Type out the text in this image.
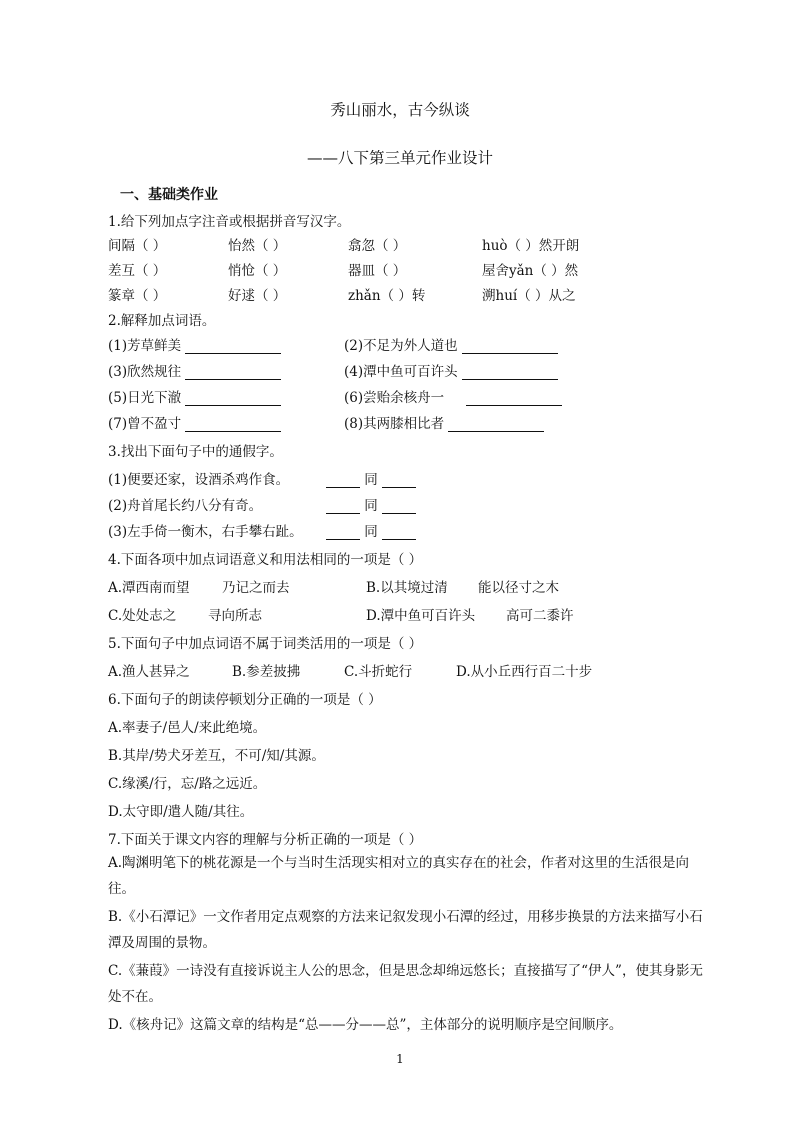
秀山丽水，古今纵谈
——八下第三单元作业设计
一、基础类作业
1.给下列加点字注音或根据拼音写汉字。
间隔（ ）	怡然（ ）	翕忽（ ）	huò（ ）然开朗
差互（ ）	悄怆（ ）	器皿（ ）	屋舍yǎn（ ）然
篆章（ ）	好逑（ ）	zhǎn（ ）转	溯huí（ ）从之
2.解释加点词语。
(1)芳草鲜美	(2)不足为外人道也
(3)欣然规往	(4)潭中鱼可百许头
(5)日光下澈	(6)尝贻余核舟一
(7)曾不盈寸	(8)其两膝相比者
3.找出下面句子中的通假字。
(1)便要还家，设酒杀鸡作食。	同
(2)舟首尾长约八分有奇。	同
(3)左手倚一衡木，右手攀右趾。	同
4.下面各项中加点词语意义和用法相同的一项是（ ）
A.潭西南而望 乃记之而去	B.以其境过清 能以径寸之木
C.处处志之 寻向所志	D.潭中鱼可百许头 高可二黍许
5.下面句子中加点词语不属于词类活用的一项是（ ）
A.渔人甚异之	B.参差披拂	C.斗折蛇行	D.从小丘西行百二十步
6.下面句子的朗读停顿划分正确的一项是（ ）
A.率妻子/邑人/来此绝境。
B.其岸/势犬牙差互，不可/知/其源。
C.缘溪/行，忘/路之远近。
D.太守即/遣人随/其往。
7.下面关于课文内容的理解与分析正确的一项是（ ）
A.陶渊明笔下的桃花源是一个与当时生活现实相对立的真实存在的社会，作者对这里的生活很是向往。
B.《小石潭记》一文作者用定点观察的方法来记叙发现小石潭的经过，用移步换景的方法来描写小石潭及周围的景物。
C.《蒹葭》一诗没有直接诉说主人公的思念，但是思念却绵远悠长；直接描写了“伊人”，使其身影无处不在。
D.《核舟记》这篇文章的结构是“总——分——总”，主体部分的说明顺序是空间顺序。
1
